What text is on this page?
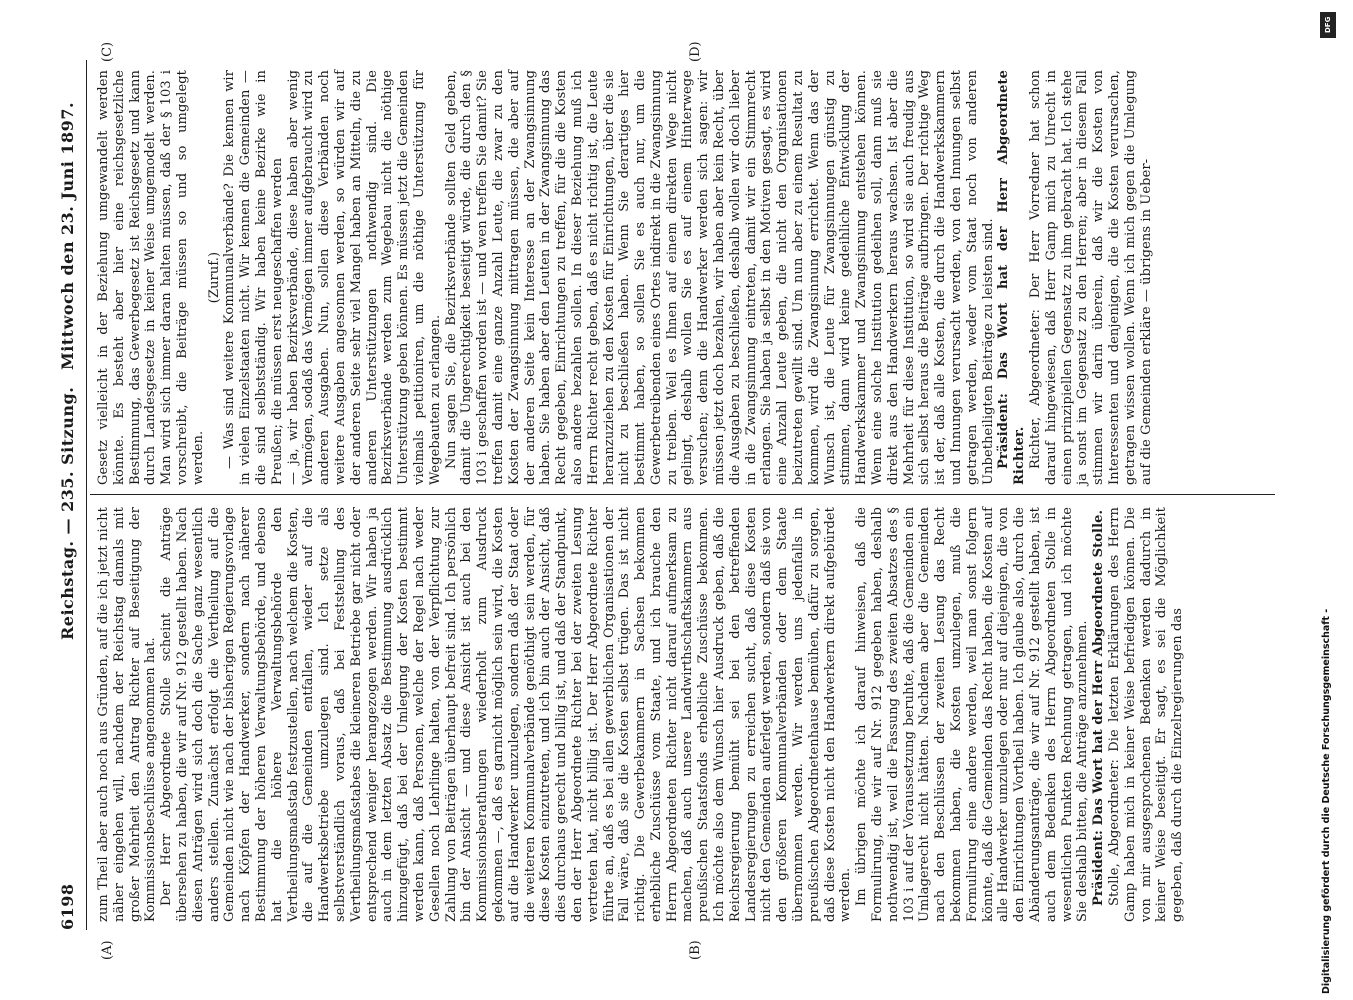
6198
Reichstag. — 235. Sitzung.
Mittwoch den 23. Juni 1897.
(A)	(B)
(C)	(D)

zum Theil aber auch noch aus Gründen, auf die ich jetzt nicht näher eingehen will, nachdem der Reichstag damals mit großer Mehrheit den Antrag Richter auf Beseitigung der Kommissionsbeschlüsse angenommen hat. Der Herr Abgeordnete Stolle scheint die Anträge übersehen zu haben, die wir auf Nr. 912 gestellt haben. Nach diesen Anträgen wird sich doch die Sache ganz wesentlich anders stellen. Zunächst erfolgt die Vertheilung auf die Gemeinden nicht wie nach der bisherigen Regierungsvorlage nach Köpfen der Handwerker, sondern nach näherer Bestimmung der höheren Verwaltungsbehörde, und ebenso hat die höhere Verwaltungsbehörde den Vertheilungsmaßstab festzustellen, nach welchem die Kosten, die auf die Gemeinden entfallen, wieder auf die Handwerksbetriebe umzulegen sind. Ich setze als selbstverständlich voraus, daß bei Feststellung des Vertheilungsmaßstabes die kleineren Betriebe gar nicht oder entsprechend weniger herangezogen werden. Wir haben ja auch in dem letzten Absatz die Bestimmung ausdrücklich hinzugefügt, daß bei der Umlegung der Kosten bestimmt werden kann, daß Personen, welche der Regel nach weder Gesellen noch Lehrlinge halten, von der Verpflichtung zur Zahlung von Beiträgen überhaupt befreit sind. Ich persönlich bin der Ansicht — und diese Ansicht ist auch bei den Kommissionsberathungen wiederholt zum Ausdruck gekommen —, daß es garnicht möglich sein wird, die Kosten auf die Handwerker umzulegen, sondern daß der Staat oder die weiteren Kommunalverbände genöthigt sein werden, für diese Kosten einzutreten, und ich bin auch der Ansicht, daß dies durchaus gerecht und billig ist, und daß der Standpunkt, den der Herr Abgeordnete Richter bei der zweiten Lesung vertreten hat, nicht billig ist. Der Herr Abgeordnete Richter führte an, daß es bei allen gewerblichen Organisationen der Fall wäre, daß sie die Kosten selbst trügen. Das ist nicht richtig. Die Gewerbekammern in Sachsen bekommen erhebliche Zuschüsse vom Staate, und ich brauche den Herrn Abgeordneten Richter nicht darauf aufmerksam zu machen, daß auch unsere Landwirthschaftskammern aus preußischen Staatsfonds erhebliche Zuschüsse bekommen. Ich möchte also dem Wunsch hier Ausdruck geben, daß die Reichsregierung bemüht sei bei den betreffenden Landesregierungen zu erreichen sucht, daß diese Kosten nicht den Gemeinden auferlegt werden, sondern daß sie von den größeren Kommunalverbänden oder dem Staate übernommen werden. Wir werden uns jedenfalls in preußischen Abgeordnetenhause bemühen, dafür zu sorgen, daß diese Kosten nicht den Handwerkern direkt aufgebürdet werden. Im übrigen möchte ich darauf hinweisen, daß die Formulirung, die wir auf Nr. 912 gegeben haben, deshalb nothwendig ist, weil die Fassung des zweiten Absatzes des § 103 i auf der Voraussetzung beruhte, daß die Gemeinden ein Umlagerecht nicht hätten. Nachdem aber die Gemeinden nach den Beschlüssen der zweiten Lesung das Recht bekommen haben, die Kosten umzulegen, muß die Formulirung eine andere werden, weil man sonst folgern könnte, daß die Gemeinden das Recht haben, die Kosten auf alle Handwerker umzulegen oder nur auf diejenigen, die von den Einrichtungen Vortheil haben. Ich glaube also, durch die Abänderungsanträge, die wir auf Nr. 912 gestellt haben, ist auch dem Bedenken des Herrn Abgeordneten Stolle in wesentlichen Punkten Rechnung getragen, und ich möchte Sie deshalb bitten, die Anträge anzunehmen. Präsident: Das Wort hat der Herr Abgeordnete Stolle. Stolle, Abgeordneter: Die letzten Erklärungen des Herrn Gamp haben mich in keiner Weise befriedigen können. Die von mir ausgesprochenen Bedenken werden dadurch in keiner Weise beseitigt. Er sagt, es sei die Möglichkeit gegeben, daß durch die Einzelregierungen das

Gesetz vielleicht in der Beziehung umgewandelt werden könnte. Es besteht aber hier eine reichsgesetzliche Bestimmung, das Gewerbegesetz ist Reichsgesetz und kann durch Landesgesetze in keiner Weise umgemodelt werden. Man wird sich immer daran halten müssen, daß der § 103 i vorschreibt, die Beiträge müssen so und so umgelegt werden.

(Zuruf.) — Was sind weitere Kommunalverbände? Die kennen wir in vielen Einzelstaaten nicht. Wir kennen die Gemeinden — die sind selbstständig. Wir haben keine Bezirke wie in Preußen; die müssen erst neugeschaffen werden — ja, wir haben Bezirksverbände, diese haben aber wenig Vermögen, sodaß das Vermögen immer aufgebraucht wird zu anderen Ausgaben. Nun, sollen diese Verbänden noch weitere Ausgaben angesonnen werden, so würden wir auf der anderen Seite sehr viel Mangel haben an Mitteln, die zu anderen Unterstützungen nothwendig sind. Die Bezirksverbände werden zum Wegebau nicht die nöthige Unterstützung geben können. Es müssen jetzt die Gemeinden vielmals petitioniren, um die nöthige Unterstützung für Wegebauten zu erlangen. Nun sagen Sie, die Bezirksverbände sollten Geld geben, damit die Ungerechtigkeit beseitigt würde, die durch den § 103 i geschaffen worden ist — und wen treffen Sie damit? Sie treffen damit eine ganze Anzahl Leute, die zwar zu den Kosten der Zwangsinnung mittragen müssen, die aber auf der anderen Seite kein Interesse an der Zwangsinnung haben. Sie haben aber den Leuten in der Zwangsinnung das Recht gegeben, Einrichtungen zu treffen, für die die Kosten also andere bezahlen sollen. In dieser Beziehung muß ich Herrn Richter recht geben, daß es nicht richtig ist, die Leute heranzuziehen zu den Kosten für Einrichtungen, über die sie nicht zu beschließen haben. Wenn Sie derartiges hier bestimmt haben, so sollen Sie es auch nur, um die Gewerbetreibenden eines Ortes indirekt in die Zwangsinnung zu treiben. Weil es Ihnen auf einem direkten Wege nicht gelingt, deshalb wollen Sie es auf einem Hinterwege versuchen; denn die Handwerker werden sich sagen: wir müssen jetzt doch bezahlen, wir haben aber kein Recht, über die Ausgaben zu beschließen, deshalb wollen wir doch lieber in die Zwangsinnung eintreten, damit wir ein Stimmrecht erlangen. Sie haben ja selbst in den Motiven gesagt, es wird eine Anzahl Leute geben, die nicht den Organisationen beizutreten gewillt sind. Um nun aber zu einem Resultat zu kommen, wird die Zwangsinnung errichtet. Wenn das der Wunsch ist, die Leute für Zwangsinnungen günstig zu stimmen, dann wird keine gedeihliche Entwicklung der Handwerkskammer und Zwangsinnung entstehen können. Wenn eine solche Institution gedeihen soll, dann muß sie direkt aus den Handwerkern heraus wachsen. Ist aber die Mehrheit für diese Institution, so wird sie auch freudig aus sich selbst heraus die Beiträge aufbringen. Der richtige Weg ist der, daß alle Kosten, die durch die Handwerkskammern und Innungen verursacht werden, von den Innungen selbst getragen werden, weder vom Staat noch von anderen Unbetheiligten Beiträge zu leisten sind. Präsident: Das Wort hat der Herr Abgeordnete Richter. Richter, Abgeordneter: Der Herr Vorredner hat schon darauf hingewiesen, daß Herr Gamp mich zu Unrecht in einen prinzipiellen Gegensatz zu ihm gebracht hat. Ich stehe ja sonst im Gegensatz zu den Herren; aber in diesem Fall stimmen wir darin überein, daß wir die Kosten von Interessenten und denjenigen, die die Kosten verursachen, getragen wissen wollen. Wenn ich mich gegen die Umlegung auf die Gemeinden erkläre — übrigens in Ueber-

Digitalisierung gefördert durch die Deutsche Forschungsgemeinschaft -
DFG
